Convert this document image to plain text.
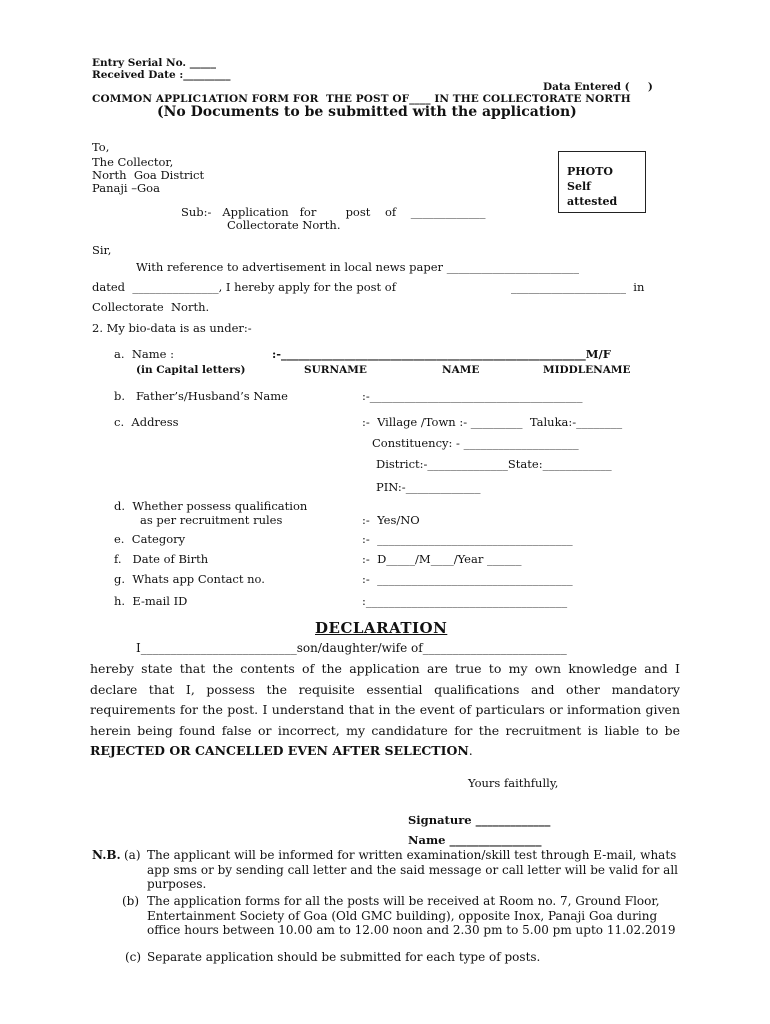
Entry Serial No. _____
Received Date :_________
Data Entered (     )
COMMON APPLIC1ATION FORM FOR  THE POST OF____ IN THE COLLECTORATE NORTH
(No Documents to be submitted with the application)
To,
The Collector,
North  Goa District
Panaji –Goa
PHOTO
Self
attested
Sub:-   Application   for        post    of    _____________
Collectorate North.
Sir,
With reference to advertisement in local news paper _______________________
dated  _______________, I hereby apply for the post of	____________________  in
Collectorate  North.
2. My bio-data is as under:-
a.  Name :	:-_____________________________________________________M/F
(in Capital letters)	SURNAME	NAME	MIDDLENAME
b.   Father’s/Husband’s Name	:-_____________________________________
c.  Address	:-  Village /Town :- _________  Taluka:-________
Constituency: - ____________________
District:-______________State:____________
PIN:-_____________
d.  Whether possess qualification
as per recruitment rules	:-  Yes/NO
e.  Category	:-  __________________________________
f.   Date of Birth	:-  D_____/M____/Year ______
g.  Whats app Contact no.	:-  __________________________________
h.  E-mail ID	:___________________________________
DECLARATION
I__________________________son/daughter/wife of________________________
hereby state that the contents of the application are true to my own knowledge and I declare that I, possess the requisite essential qualifications and other mandatory requirements for the post. I understand that in the event of particulars or information given herein being found false or incorrect, my candidature for the recruitment is liable to be REJECTED OR CANCELLED EVEN AFTER SELECTION.
Yours faithfully,
Signature _____________
Name ________________
N.B. (a) The applicant will be informed for written examination/skill test through E-mail, whats app sms or by sending call letter and the said message or call letter will be valid for all purposes.
(b) The application forms for all the posts will be received at Room no. 7, Ground Floor, Entertainment Society of Goa (Old GMC building), opposite Inox, Panaji Goa during office hours between 10.00 am to 12.00 noon and 2.30 pm to 5.00 pm upto 11.02.2019
(c) Separate application should be submitted for each type of posts.
